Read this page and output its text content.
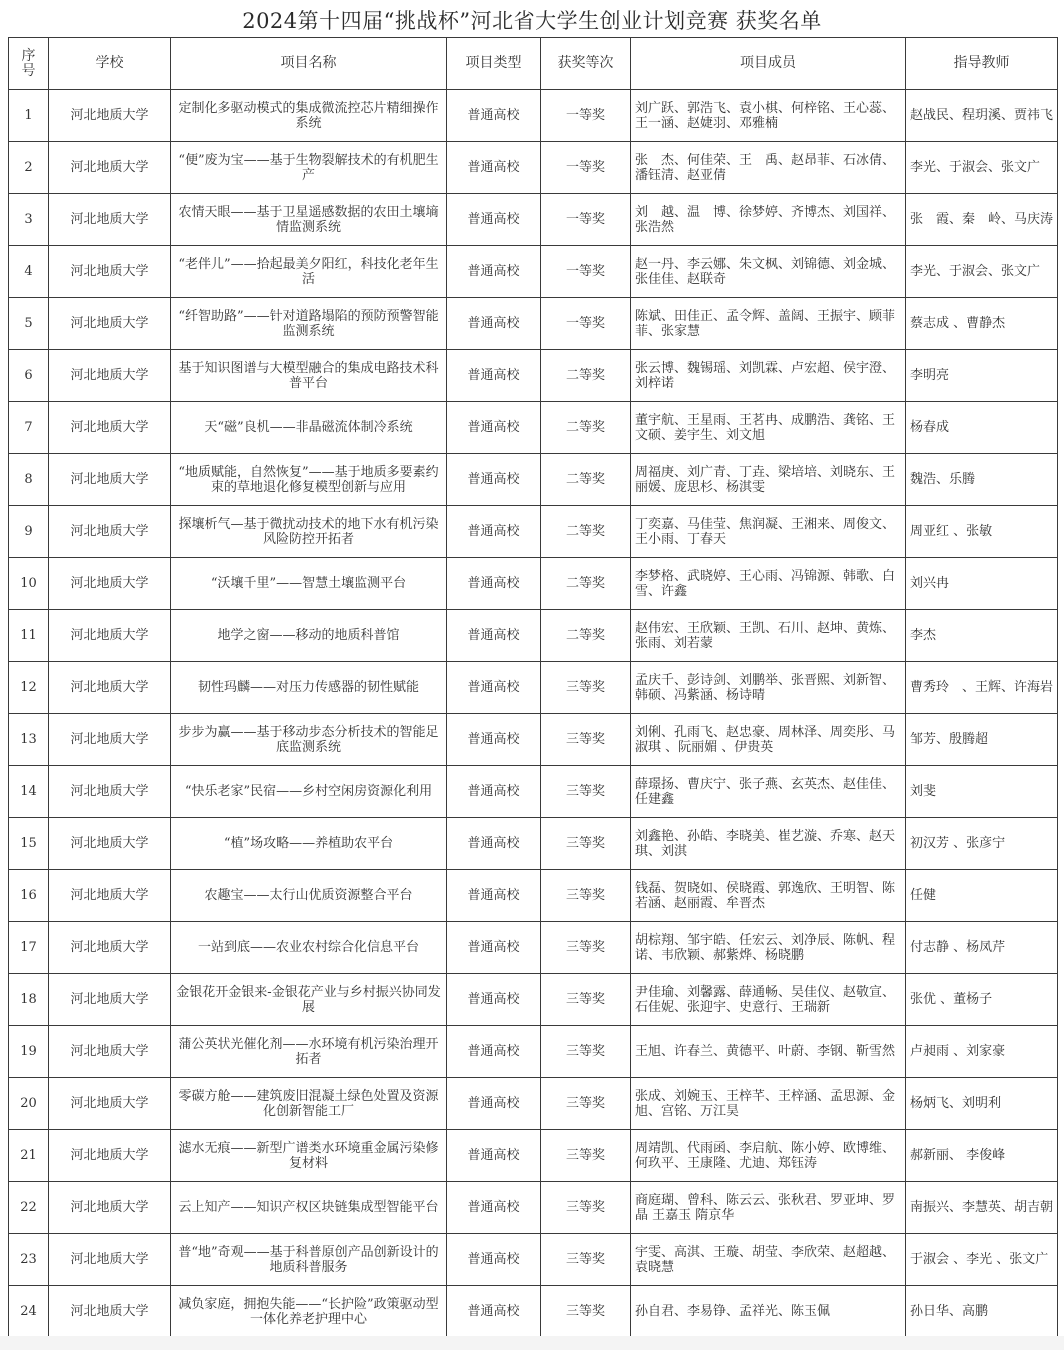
2024第十四届“挑战杯”河北省大学生创业计划竞赛 获奖名单
序号	学校	项目名称	项目类型	获奖等次	项目成员	指导教师
1	河北地质大学	定制化多驱动模式的集成微流控芯片精细操作系统	普通高校	一等奖	刘广跃、郭浩飞、袁小棋、何梓铭、王心蕊、王一涵、赵婕羽、邓雅楠	赵战民、程玥溪、贾祎飞
2	河北地质大学	“便”废为宝——基于生物裂解技术的有机肥生产	普通高校	一等奖	张　杰、何佳荣、王　禹、赵昂菲、石冰倩、潘钰清、赵亚倩	李光、于淑会、张文广
3	河北地质大学	农情天眼——基于卫星遥感数据的农田土壤墒情监测系统	普通高校	一等奖	刘　越、温　博、徐梦婷、齐博杰、刘国祥、张浩然	张　霞、秦　岭、马庆涛
4	河北地质大学	“老伴儿”——拾起最美夕阳红，科技化老年生活	普通高校	一等奖	赵一丹、李云娜、朱文枫、刘锦德、刘金城、张佳佳、赵联奇	李光、于淑会、张文广
5	河北地质大学	“纤智助路”——针对道路塌陷的预防预警智能监测系统	普通高校	一等奖	陈斌、田佳正、孟令辉、盖阔、王振宇、顾菲菲、张家慧	蔡志成 、曹静杰
6	河北地质大学	基于知识图谱与大模型融合的集成电路技术科普平台	普通高校	二等奖	张云博、魏锡瑶、刘凯霖、卢宏超、侯宇澄、刘梓诺	李明亮
7	河北地质大学	天“磁”良机——非晶磁流体制冷系统	普通高校	二等奖	董宇航、王星雨、王茗冉、成鹏浩、龚铭、王文硕、姜宇生、刘文旭	杨春成
8	河北地质大学	“地质赋能，自然恢复”——基于地质多要素约束的草地退化修复模型创新与应用	普通高校	二等奖	周福庚、刘广青、丁垚、梁培培、刘晓东、王丽媛、庞思杉、杨淇雯	魏浩、乐腾
9	河北地质大学	探壤析气—基于微扰动技术的地下水有机污染风险防控开拓者	普通高校	二等奖	丁奕嘉、马佳莹、焦润凝、王湘来、周俊文、王小雨、丁春天	周亚红 、张敏
10	河北地质大学	“沃壤千里”——智慧土壤监测平台	普通高校	二等奖	李梦格、武晓婷、王心雨、冯锦源、韩歌、白雪、许鑫	刘兴冉
11	河北地质大学	地学之窗——移动的地质科普馆	普通高校	二等奖	赵伟宏、王欣颖、王凯、石川、赵坤、黄炼、张雨、刘若蒙	李杰
12	河北地质大学	韧性玛麟——对压力传感器的韧性赋能	普通高校	三等奖	孟庆千、彭诗剑、刘鹏举、张晋熙、刘新智、韩硕、冯紫涵、杨诗晴	曹秀玲　、王辉、许海岩
13	河北地质大学	步步为赢——基于移动步态分析技术的智能足底监测系统	普通高校	三等奖	刘俐、孔雨飞、赵忠豪、周林泽、周奕彤、马淑琪 、阮丽媚 、伊贵英	邹芳、殷腾超
14	河北地质大学	“快乐老家”民宿——乡村空闲房资源化利用	普通高校	三等奖	薛璟扬、曹庆宁、张子燕、玄英杰、赵佳佳、任建鑫	刘斐
15	河北地质大学	“植”场攻略——养植助农平台	普通高校	三等奖	刘鑫艳、孙皓、李晓美、崔艺漩、乔寒、赵天琪、刘淇	初汉芳 、张彦宁
16	河北地质大学	农趣宝——太行山优质资源整合平台	普通高校	三等奖	钱磊、贺晓如、侯晓霞、郭逸欣、王明智、陈若涵、赵丽霞、牟晋杰	任健
17	河北地质大学	一站到底——农业农村综合化信息平台	普通高校	三等奖	胡棕翔、邹宇皓、任宏云、刘净辰、陈帆、程诺、韦欣颖、郝紫烨、杨晓鹏	付志静 、杨凤芹
18	河北地质大学	金银花开金银来-金银花产业与乡村振兴协同发展	普通高校	三等奖	尹佳瑜、刘馨露、薛通畅、吴佳仪、赵敬宣、石佳妮、张迎宇、史意行、王瑞新	张优 、董杨子
19	河北地质大学	蒲公英状光催化剂——水环境有机污染治理开拓者	普通高校	三等奖	王旭、许春兰、黄德平、叶蔚、李钢、靳雪然	卢昶雨 、刘家豪
20	河北地质大学	零碳方舱——建筑废旧混凝土绿色处置及资源化创新智能工厂	普通高校	三等奖	张成、刘婉玉、王梓芊、王梓涵、孟思源、金旭、宫铭、万江昊	杨炳飞、刘明利
21	河北地质大学	滤水无痕——新型广谱类水环境重金属污染修复材料	普通高校	三等奖	周靖凯、代雨函、李启航、陈小婷、欧博维、何玖平、王康隆、尤迪、郑钰涛	郝新丽、 李俊峰
22	河北地质大学	云上知产——知识产权区块链集成型智能平台	普通高校	三等奖	商庭瑚、曾科、陈云云、张秋君、罗亚坤、罗晶 王嘉玉 隋京华	南振兴、李慧英、胡吉朝
23	河北地质大学	普“地”奇观——基于科普原创产品创新设计的地质科普服务	普通高校	三等奖	宇雯、高淇、王璇、胡莹、李欣荣、赵超越、袁晓慧	于淑会 、李光 、张文广
24	河北地质大学	减负家庭，拥抱失能——“长护险”政策驱动型一体化养老护理中心	普通高校	三等奖	孙自君、李易铮、孟祥光、陈玉佩	孙日华、高鹏
